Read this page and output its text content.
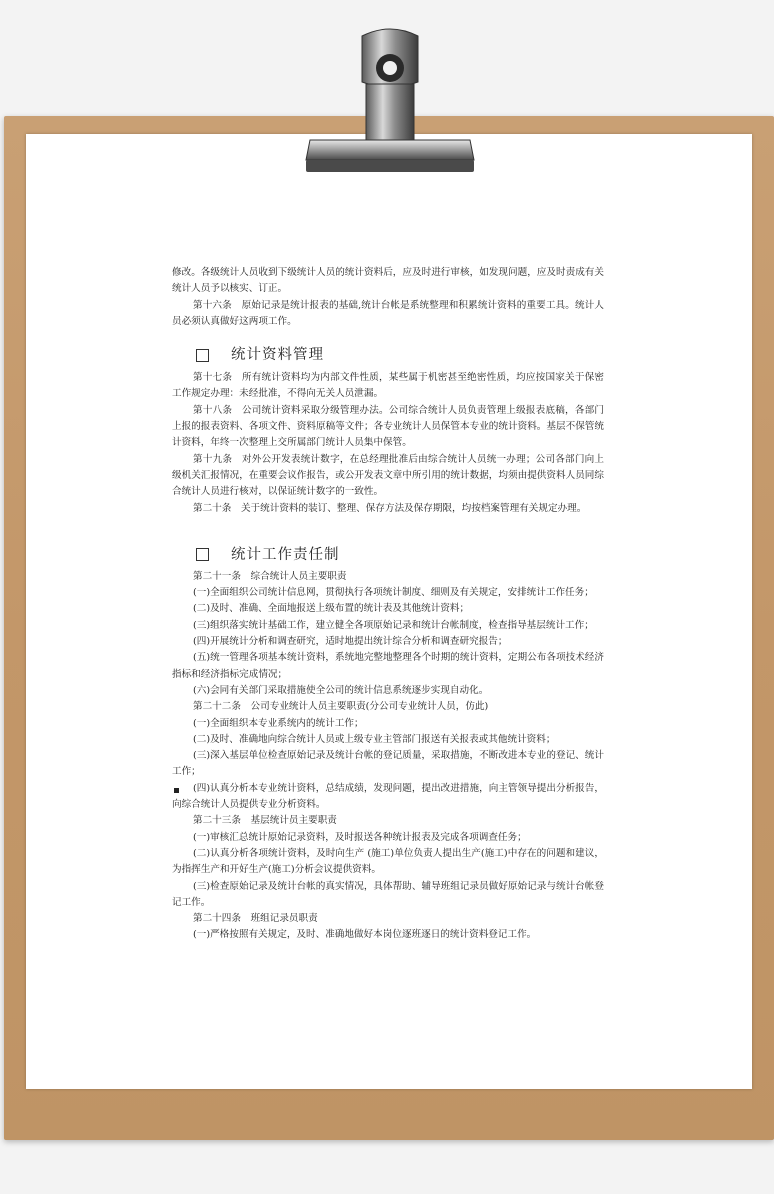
修改。各级统计人员收到下级统计人员的统计资料后，应及时进行审核，如发现问题，应及时责成有关统计人员予以核实、订正。

第十六条　原始记录是统计报表的基础,统计台帐是系统整理和积累统计资料的重要工具。统计人员必须认真做好这两项工作。

统计资料管理

第十七条　所有统计资料均为内部文件性质，某些属于机密甚至绝密性质，均应按国家关于保密工作规定办理：未经批准，不得向无关人员泄漏。

第十八条　公司统计资料采取分级管理办法。公司综合统计人员负责管理上级报表底稿，各部门上报的报表资料、各项文件、资料原稿等文件；各专业统计人员保管本专业的统计资料。基层不保管统计资料，年终一次整理上交所属部门统计人员集中保管。

第十九条　对外公开发表统计数字，在总经理批准后由综合统计人员统一办理；公司各部门向上级机关汇报情况，在重要会议作报告，或公开发表文章中所引用的统计数据，均须由提供资料人员同综合统计人员进行核对，以保证统计数字的一致性。

第二十条　关于统计资料的装订、整理、保存方法及保存期限，均按档案管理有关规定办理。

统计工作责任制

第二十一条　综合统计人员主要职责

(一)全面组织公司统计信息网，贯彻执行各项统计制度、细则及有关规定，安排统计工作任务；

(二)及时、准确、全面地报送上级布置的统计表及其他统计资料；

(三)组织落实统计基础工作，建立健全各项原始记录和统计台帐制度，检查指导基层统计工作；

(四)开展统计分析和调查研究，适时地提出统计综合分析和调查研究报告；

(五)统一管理各项基本统计资料，系统地完整地整理各个时期的统计资料，定期公布各项技术经济指标和经济指标完成情况；

(六)会同有关部门采取措施使全公司的统计信息系统逐步实现自动化。

第二十二条　公司专业统计人员主要职责(分公司专业统计人员，仿此)

(一)全面组织本专业系统内的统计工作；

(二)及时、准确地向综合统计人员或上级专业主管部门报送有关报表或其他统计资料；

(三)深入基层单位检查原始记录及统计台帐的登记质量，采取措施，不断改进本专业的登记、统计工作；

(四)认真分析本专业统计资料，总结成绩，发现问题，提出改进措施，向主管领导提出分析报告，向综合统计人员提供专业分析资料。

第二十三条　基层统计员主要职责

(一)审核汇总统计原始记录资料，及时报送各种统计报表及完成各项调查任务；

(二)认真分析各项统计资料，及时向生产 (施工)单位负责人提出生产(施工)中存在的问题和建议，为指挥生产和开好生产(施工)分析会议提供资料。

(三)检查原始记录及统计台帐的真实情况，具体帮助、辅导班组记录员做好原始记录与统计台帐登记工作。

第二十四条　班组记录员职责

(一)严格按照有关规定，及时、准确地做好本岗位逐班逐日的统计资料登记工作。
